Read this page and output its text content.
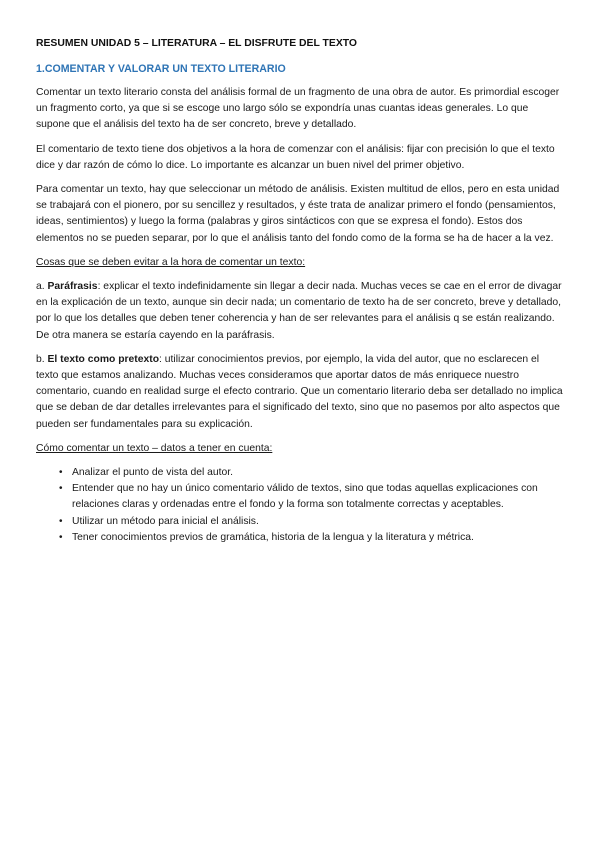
RESUMEN UNIDAD 5 – LITERATURA – EL DISFRUTE DEL TEXTO
1.COMENTAR Y VALORAR UN TEXTO LITERARIO

Comentar un texto literario consta del análisis formal de un fragmento de una obra de autor. Es primordial escoger un fragmento corto, ya que si se escoge uno largo sólo se expondría unas cuantas ideas generales. Lo que supone que el análisis del texto ha de ser concreto, breve y detallado.

El comentario de texto tiene dos objetivos a la hora de comenzar con el análisis: fijar con precisión lo que el texto dice y dar razón de cómo lo dice. Lo importante es alcanzar un buen nivel del primer objetivo.

Para comentar un texto, hay que seleccionar un método de análisis. Existen multitud de ellos, pero en esta unidad se trabajará con el pionero, por su sencillez y resultados, y éste trata de analizar primero el fondo (pensamientos, ideas, sentimientos) y luego la forma (palabras y giros sintácticos con que se expresa el fondo). Estos dos elementos no se pueden separar, por lo que el análisis tanto del fondo como de la forma se ha de hacer a la vez.

Cosas que se deben evitar a la hora de comentar un texto:

a. Paráfrasis: explicar el texto indefinidamente sin llegar a decir nada. Muchas veces se cae en el error de divagar en la explicación de un texto, aunque sin decir nada; un comentario de texto ha de ser concreto, breve y detallado, por lo que los detalles que deben tener coherencia y han de ser relevantes para el análisis q se están realizando. De otra manera se estaría cayendo en la paráfrasis.

b. El texto como pretexto: utilizar conocimientos previos, por ejemplo, la vida del autor, que no esclarecen el texto que estamos analizando. Muchas veces consideramos que aportar datos de más enriquece nuestro comentario, cuando en realidad surge el efecto contrario. Que un comentario literario deba ser detallado no implica que se deban de dar detalles irrelevantes para el significado del texto, sino que no pasemos por alto aspectos que pueden ser fundamentales para su explicación.

Cómo comentar un texto – datos a tener en cuenta:
• Analizar el punto de vista del autor.
• Entender que no hay un único comentario válido de textos, sino que todas aquellas explicaciones con relaciones claras y ordenadas entre el fondo y la forma son totalmente correctas y aceptables.
• Utilizar un método para inicial el análisis.
• Tener conocimientos previos de gramática, historia de la lengua y la literatura y métrica.
